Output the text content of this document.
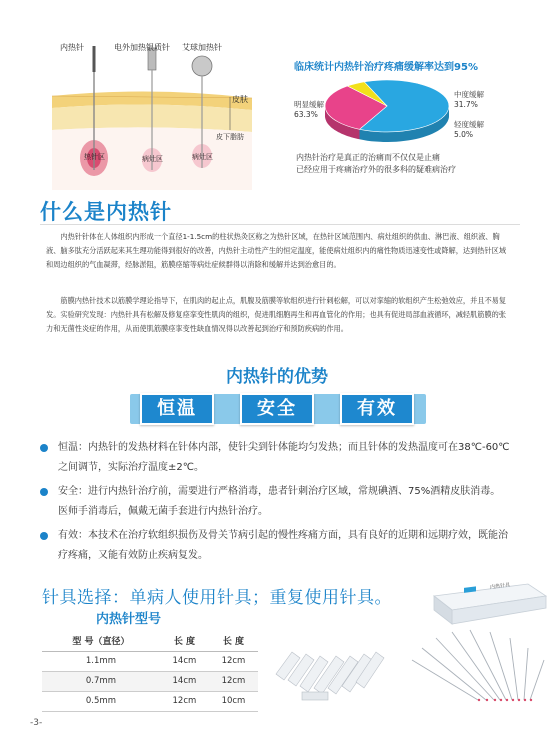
内热针	电外加热银质针 艾球加热针
皮肤
皮下脂肪
热针区	病灶区	病灶区
临床统计内热针治疗疼痛缓解率达到95%
明显缓解
63.3%
中度缓解
31.7%
轻度缓解
5.0%
内热针治疗是真正的治痛而不仅仅是止痛
已经应用于疼痛治疗外的很多科的疑难病治疗
什么是内热针

内热针针体在人体组织内形成一个直径1-1.5cm的柱状热灸区称之为热针区域，在热针区域范围内、病灶组织的供血、淋巴液、组织液、胸液、脑多肽充分活跃起来其生理功能得到很好的改善，内热针主动性产生的恒定温度，能使病灶组织内的痛性物质迅速变性或降解，达到热针区域和周边组织的气血凝滞，经脉淤阻，筋膜痉缩等病灶症候群得以消除和缓解并达到治愈目的。

筋膜内热针技术以筋膜学理论指导下，在肌肉的起止点，肌腹及筋膜等软组织进行针刺松解，可以对挛缩的软组织产生松弛效应，并且不易复发。实验研究发现：内热针具有松解及修复痉挛变性肌肉的组织，促进肌细胞再生和再血管化的作用；也具有促进局部血液循环，减轻肌筋膜的张力和无菌性炎症的作用，从而使肌筋膜痉挛变性缺血情况得以改善起到治疗和预防疾病的作用。

内热针的优势
恒温	安全	有效
恒温：内热针的发热材料在针体内部，使针尖到针体能均匀发热；而且针体的发热温度可在38℃-60℃之间调节，实际治疗温度±2℃。
安全：进行内热针治疗前，需要进行严格消毒，患者针刺治疗区域，常规碘酒、75%酒精皮肤消毒。医师手消毒后，佩戴无菌手套进行内热针治疗。
有效：本技术在治疗软组织损伤及骨关节病引起的慢性疼痛方面，具有良好的近期和远期疗效，既能治疗疼痛，又能有效防止疾病复发。
针具选择：单病人使用针具；重复使用针具。
内热针具
内热针型号
型 号（直径）	长 度	长 度
1.1mm	14cm	12cm
0.7mm	14cm	12cm
0.5mm	12cm	10cm
-3-
